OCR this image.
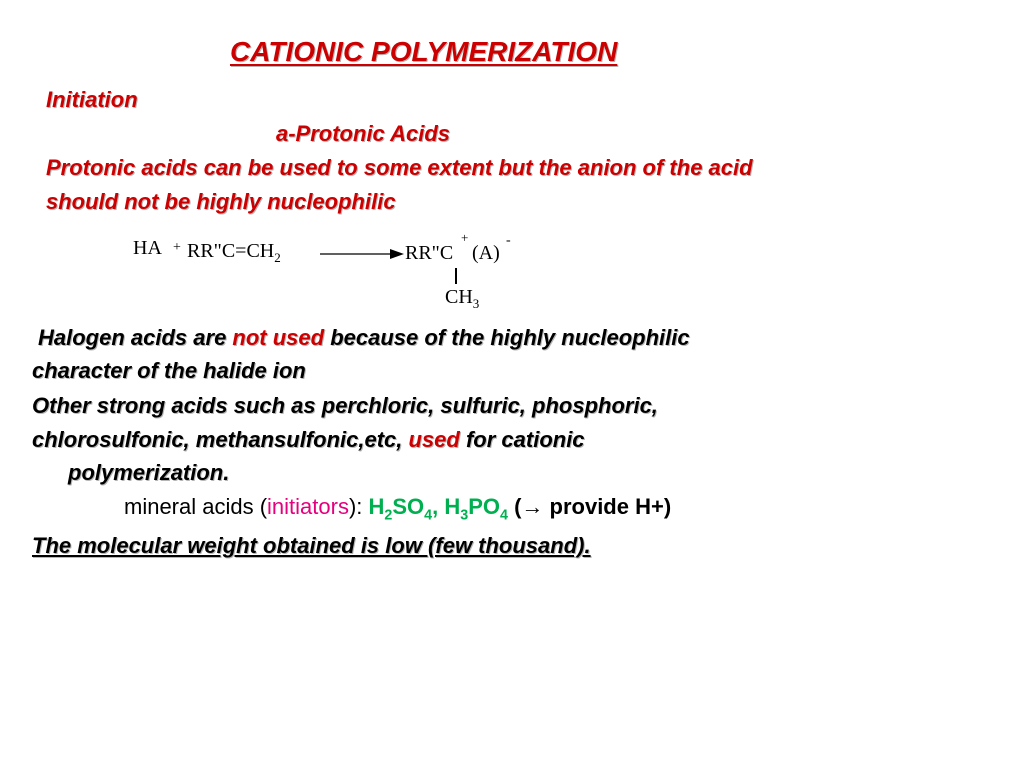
CATIONIC POLYMERIZATION
Initiation
a-Protonic Acids
Protonic acids can be used to some extent but the anion of the acid
should not be highly nucleophilic
HA + $RR"C=CH_2$	RR"C
+
(A)
-
$CH_3$
Halogen acids are not used because of the highly nucleophilic
character of the halide ion
Other strong acids such as perchloric, sulfuric, phosphoric,
chlorosulfonic, methansulfonic,etc, used for cationic
polymerization.
mineral acids (initiators): $H_2SO_4$, $H_3PO_4$ (→ provide H+)
The molecular weight obtained is low (few thousand).
